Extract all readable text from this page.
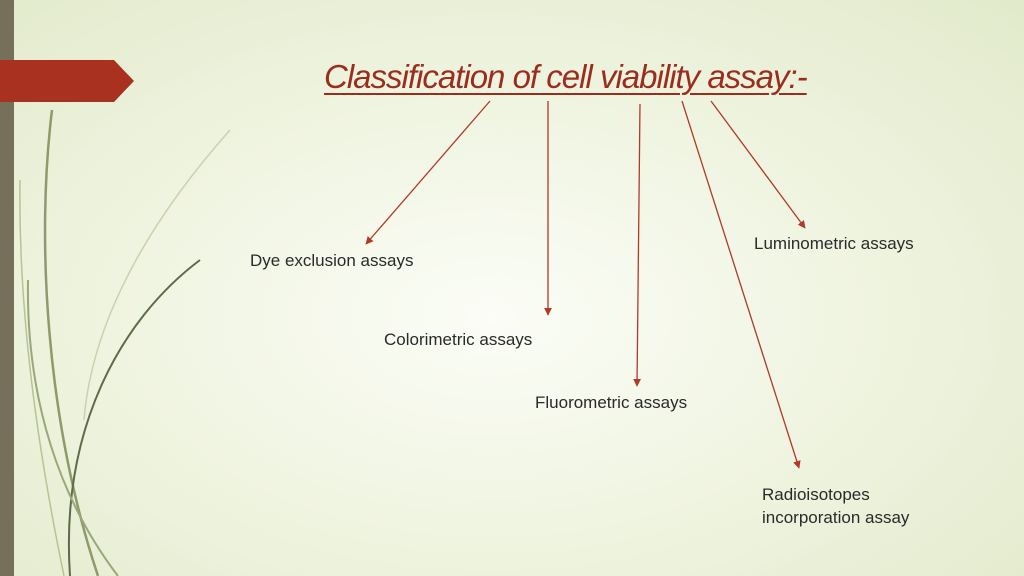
Classification of cell viability assay:-
Dye exclusion assays
Colorimetric assays
Fluorometric assays
Luminometric assays
Radioisotopes
incorporation assay
